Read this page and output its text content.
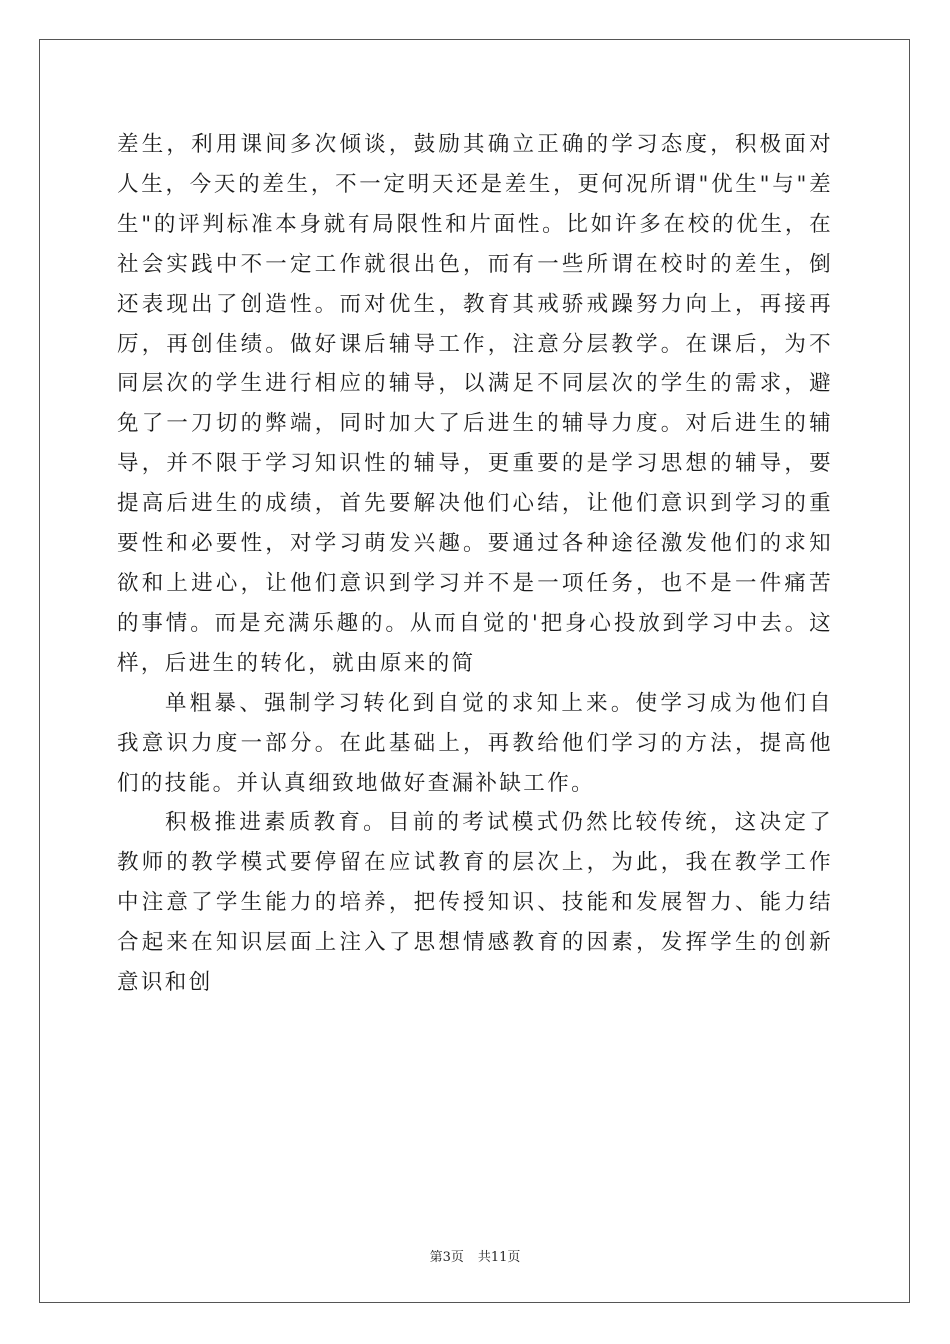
差生，利用课间多次倾谈，鼓励其确立正确的学习态度，积极面对人生，今天的差生，不一定明天还是差生，更何况所谓"优生"与"差生"的评判标准本身就有局限性和片面性。比如许多在校的优生，在社会实践中不一定工作就很出色，而有一些所谓在校时的差生，倒还表现出了创造性。而对优生，教育其戒骄戒躁努力向上，再接再厉，再创佳绩。做好课后辅导工作，注意分层教学。在课后，为不同层次的学生进行相应的辅导，以满足不同层次的学生的需求，避免了一刀切的弊端，同时加大了后进生的辅导力度。对后进生的辅导，并不限于学习知识性的辅导，更重要的是学习思想的辅导，要提高后进生的成绩，首先要解决他们心结，让他们意识到学习的重要性和必要性，对学习萌发兴趣。要通过各种途径激发他们的求知欲和上进心，让他们意识到学习并不是一项任务，也不是一件痛苦的事情。而是充满乐趣的。从而自觉的'把身心投放到学习中去。这样，后进生的转化，就由原来的简

单粗暴、强制学习转化到自觉的求知上来。使学习成为他们自我意识力度一部分。在此基础上，再教给他们学习的方法，提高他们的技能。并认真细致地做好查漏补缺工作。

积极推进素质教育。目前的考试模式仍然比较传统，这决定了教师的教学模式要停留在应试教育的层次上，为此，我在教学工作中注意了学生能力的培养，把传授知识、技能和发展智力、能力结合起来在知识层面上注入了思想情感教育的因素，发挥学生的创新意识和创

第3页 共11页
